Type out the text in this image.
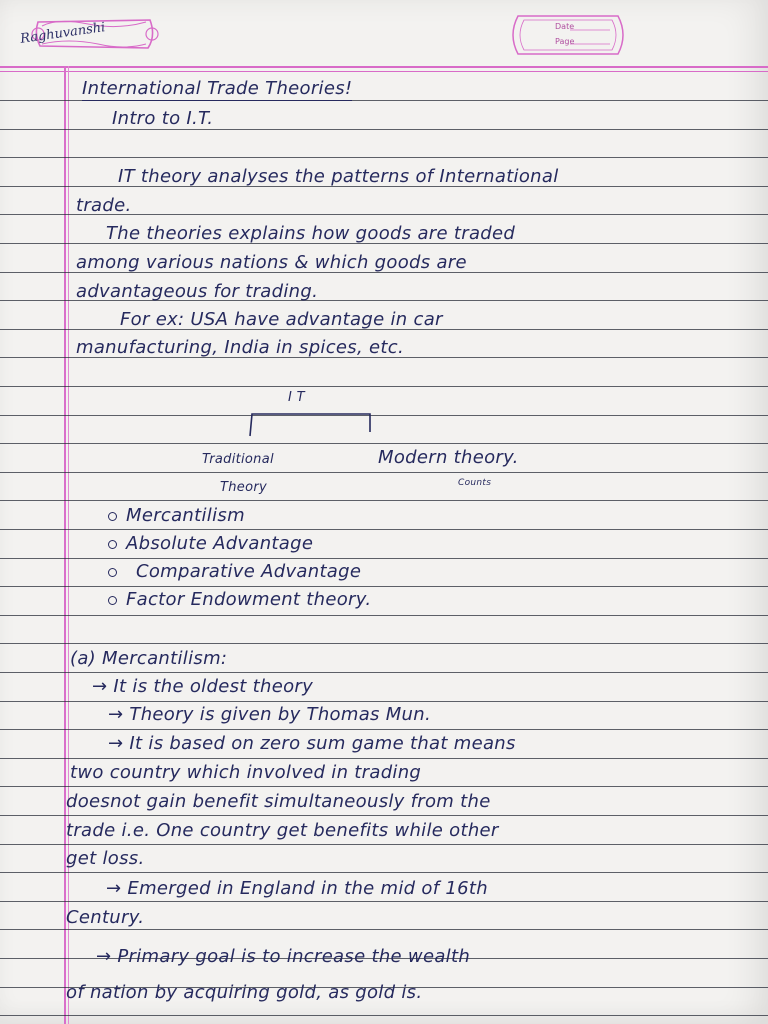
Raghuvanshi	Date
Page
International Trade Theories!
Intro to I.T.
IT theory analyses the patterns of International
trade.
The theories explains how goods are traded
among various nations & which goods are
advantageous for trading.
For ex: USA have advantage in car
manufacturing, India in spices, etc.
I T
Traditional
Theory
Modern theory.
Counts
Mercantilism
Absolute Advantage
Comparative Advantage
Factor Endowment theory.
(a) Mercantilism:
→ It is the oldest theory
→ Theory is given by Thomas Mun.
→ It is based on zero sum game that means
two country which involved in trading
doesnot gain benefit simultaneously from the
trade i.e. One country get benefits while other
get loss.
→ Emerged in England in the mid of 16th
Century.
→ Primary goal is to increase the wealth
of nation by acquiring gold, as gold is.
